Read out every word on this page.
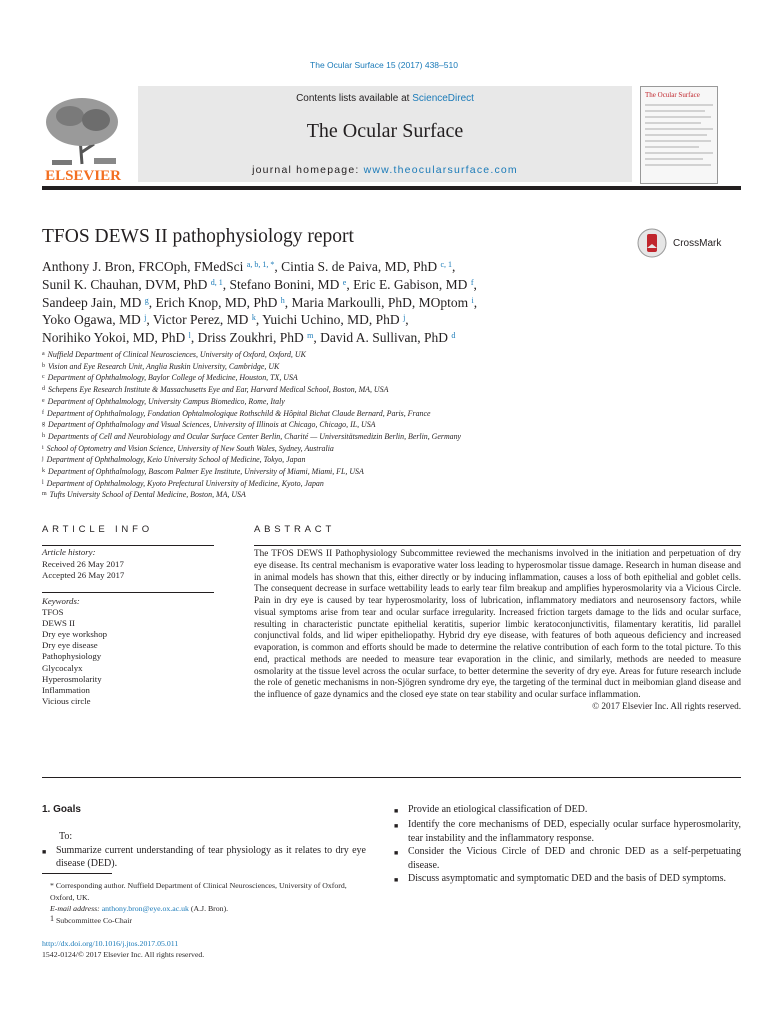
The Ocular Surface 15 (2017) 438–510
ELSEVIER
Contents lists available at ScienceDirect
The Ocular Surface
journal homepage: www.theocularsurface.com
The Ocular Surface
TFOS DEWS II pathophysiology report	CrossMark
Anthony J. Bron, FRCOph, FMedSci $^{a, b, 1, *}$, Cintia S. de Paiva, MD, PhD $^{c, 1}$,
Sunil K. Chauhan, DVM, PhD $^{d, 1}$, Stefano Bonini, MD $^e$, Eric E. Gabison, MD $^f$,
Sandeep Jain, MD $^g$, Erich Knop, MD, PhD $^h$, Maria Markoulli, PhD, MOptom $^i$,
Yoko Ogawa, MD $^j$, Victor Perez, MD $^k$, Yuichi Uchino, MD, PhD $^j$,
Norihiko Yokoi, MD, PhD $^l$, Driss Zoukhri, PhD $^m$, David A. Sullivan, PhD $^d$
$^a$ Nuffield Department of Clinical Neurosciences, University of Oxford, Oxford, UK
$^b$ Vision and Eye Research Unit, Anglia Ruskin University, Cambridge, UK
$^c$ Department of Ophthalmology, Baylor College of Medicine, Houston, TX, USA
$^d$ Schepens Eye Research Institute & Massachusetts Eye and Ear, Harvard Medical School, Boston, MA, USA
$^e$ Department of Ophthalmology, University Campus Biomedico, Rome, Italy
$^f$ Department of Ophthalmology, Fondation Ophtalmologique Rothschild & Hôpital Bichat Claude Bernard, Paris, France
$^g$ Department of Ophthalmology and Visual Sciences, University of Illinois at Chicago, Chicago, IL, USA
$^h$ Departments of Cell and Neurobiology and Ocular Surface Center Berlin, Charité — Universitätsmedizin Berlin, Berlin, Germany
$^i$ School of Optometry and Vision Science, University of New South Wales, Sydney, Australia
$^j$ Department of Ophthalmology, Keio University School of Medicine, Tokyo, Japan
$^k$ Department of Ophthalmology, Bascom Palmer Eye Institute, University of Miami, Miami, FL, USA
$^l$ Department of Ophthalmology, Kyoto Prefectural University of Medicine, Kyoto, Japan
$^m$ Tufts University School of Dental Medicine, Boston, MA, USA
ARTICLE INFO
Article history:
Received 26 May 2017
Accepted 26 May 2017
Keywords:
TFOS
DEWS II
Dry eye workshop
Dry eye disease
Pathophysiology
Glycocalyx
Hyperosmolarity
Inflammation
Vicious circle
ABSTRACT
The TFOS DEWS II Pathophysiology Subcommittee reviewed the mechanisms involved in the initiation and perpetuation of dry eye disease. Its central mechanism is evaporative water loss leading to hyperosmolar tissue damage. Research in human disease and in animal models has shown that this, either directly or by inducing inflammation, causes a loss of both epithelial and goblet cells. The consequent decrease in surface wettability leads to early tear film breakup and amplifies hyperosmolarity via a Vicious Circle. Pain in dry eye is caused by tear hyperosmolarity, loss of lubrication, inflammatory mediators and neurosensory factors, while visual symptoms arise from tear and ocular surface irregularity. Increased friction targets damage to the lids and ocular surface, resulting in characteristic punctate epithelial keratitis, superior limbic keratoconjunctivitis, filamentary keratitis, lid parallel conjunctival folds, and lid wiper epitheliopathy. Hybrid dry eye disease, with features of both aqueous deficiency and increased evaporation, is common and efforts should be made to determine the relative contribution of each form to the total picture. To this end, practical methods are needed to measure tear evaporation in the clinic, and similarly, methods are needed to measure osmolarity at the tissue level across the ocular surface, to better determine the severity of dry eye. Areas for future research include the role of genetic mechanisms in non-Sjögren syndrome dry eye, the targeting of the terminal duct in meibomian gland disease and the influence of gaze dynamics and the closed eye state on tear stability and ocular surface inflammation.
© 2017 Elsevier Inc. All rights reserved.
1. Goals
To:
■ Summarize current understanding of tear physiology as it relates to dry eye disease (DED).
■ Provide an etiological classification of DED.
■ Identify the core mechanisms of DED, especially ocular surface hyperosmolarity, tear instability and the inflammatory response.
■ Consider the Vicious Circle of DED and chronic DED as a self-perpetuating disease.
■ Discuss asymptomatic and symptomatic DED and the basis of DED symptoms.
* Corresponding author. Nuffield Department of Clinical Neurosciences, University of Oxford, Oxford, UK.
E-mail address: anthony.bron@eye.ox.ac.uk (A.J. Bron).
$^1$ Subcommittee Co-Chair
http://dx.doi.org/10.1016/j.jtos.2017.05.011
1542-0124/© 2017 Elsevier Inc. All rights reserved.
